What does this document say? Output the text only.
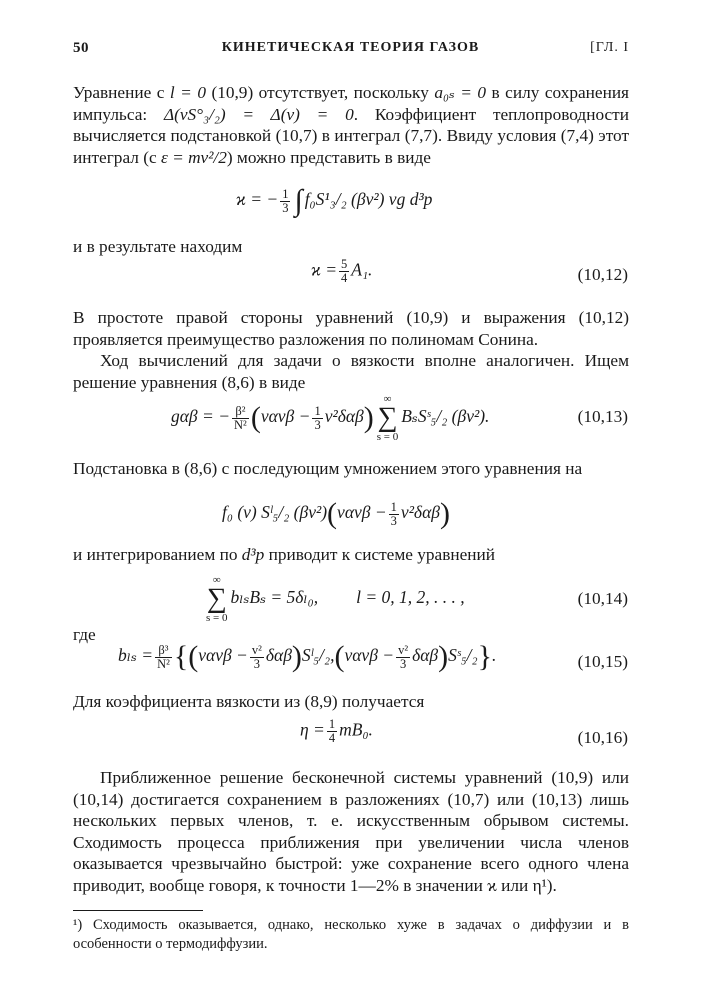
50	КИНЕТИЧЕСКАЯ ТЕОРИЯ ГАЗОВ	[ГЛ. I
Уравнение с l = 0 (10,9) отсутствует, поскольку a₀ₛ = 0 в силу сохранения импульса: Δ(vS°₃/₂) = Δ(v) = 0. Коэффициент теплопроводности вычисляется подстановкой (10,7) в интеграл (7,7). Ввиду условия (7,4) этот интеграл (с ε = mv²/2) можно представить в виде
ϰ = − $\frac{1}{3}$ ∫ f₀S¹₃/₂ (βv²) vg d³p
и в результате находим
$ϰ = \frac{5}{4} A_1$.	(10,12)
В простоте правой стороны уравнений (10,9) и выражения (10,12) проявляется преимущество разложения по полиномам Сонина.
Ход вычислений для задачи о вязкости вполне аналогичен. Ищем решение уравнения (8,6) в виде
gαβ = − $\frac{\text{β²}}{\text{N²}} (v\alpha v\beta - \frac{1}{3} v^2\delta\alpha\beta)$
∞
∑
s = 0
BₛSˢ₅/₂ (βv²).	(10,13)
Подстановка в (8,6) с последующим умножением этого уравнения на
f₀ (v) Sˡ₅/₂ $(\beta v^2)(v\alpha v\beta - \frac{1}{3} v^2\delta\alpha\beta)$
и интегрированием по d³p приводит к системе уравнений
∞
∑
s = 0
bₗₛBₛ = 5δₗ₀, l = 0, 1, 2, . . . ,	(10,14)
где
$b_{ls} = \frac{\text{β³}}{\text{N²}} \{(v\alpha v\beta - \frac{\text{v²}}{3}$ δαβ)Sˡ₅/₂,(vαvβ − $\frac{\text{v²}}{3}$ δαβ)Sˢ₅/₂}.	(10,15)
Для коэффициента вязкости из (8,9) получается
$\eta = \frac{1}{4} mB_0$.	(10,16)
Приближенное решение бесконечной системы уравнений (10,9) или (10,14) достигается сохранением в разложениях (10,7) или (10,13) лишь нескольких первых членов, т. е. искусственным обрывом системы. Сходимость процесса приближения при увеличении числа членов оказывается чрезвычайно быстрой: уже сохранение всего одного члена приводит, вообще говоря, к точности 1—2% в значении ϰ или η¹).
¹) Сходимость оказывается, однако, несколько хуже в задачах о диффузии и в особенности о термодиффузии.
